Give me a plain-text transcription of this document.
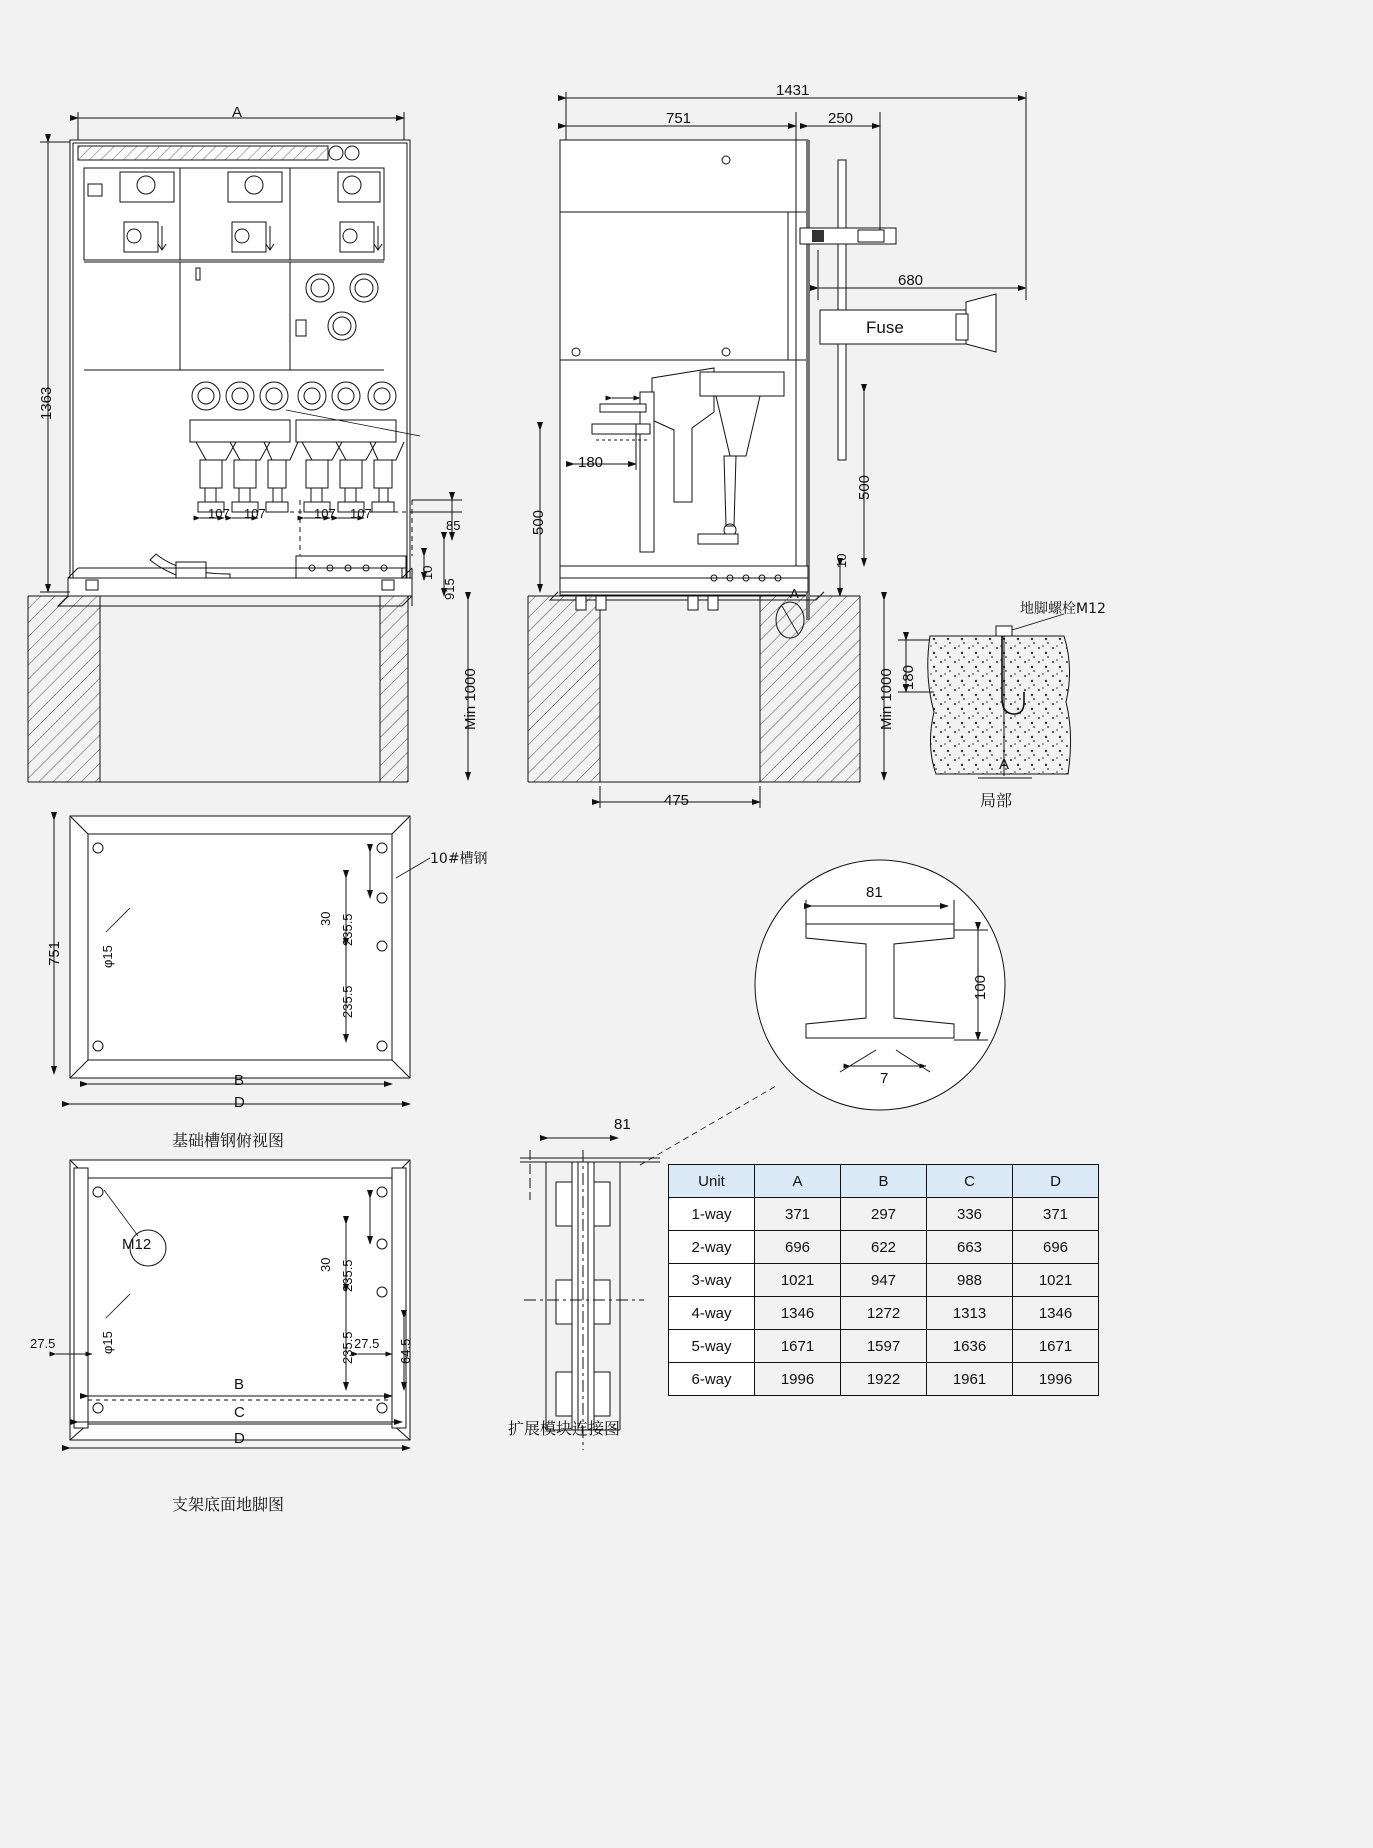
A
1363
107 107	107 107
85
10
915
Min 1000
1431
751	250
680
Fuse
180
500
500
10
Min 1000
475
A
地脚螺栓M12
180
A
局部
10#槽钢
751
30 235.5
235.5
φ15
B
D
基础槽钢俯视图
M12
φ15
30 235.5
235.5
27.5	27.5 64.5
B
C
D
支架底面地脚图
81
扩展模块连接图
81
100
7
Unit	A	B	C	D
1-way	371	297	336	371
2-way	696	622	663	696
3-way	1021	947	988	1021
4-way	1346	1272	1313	1346
5-way	1671	1597	1636	1671
6-way	1996	1922	1961	1996
